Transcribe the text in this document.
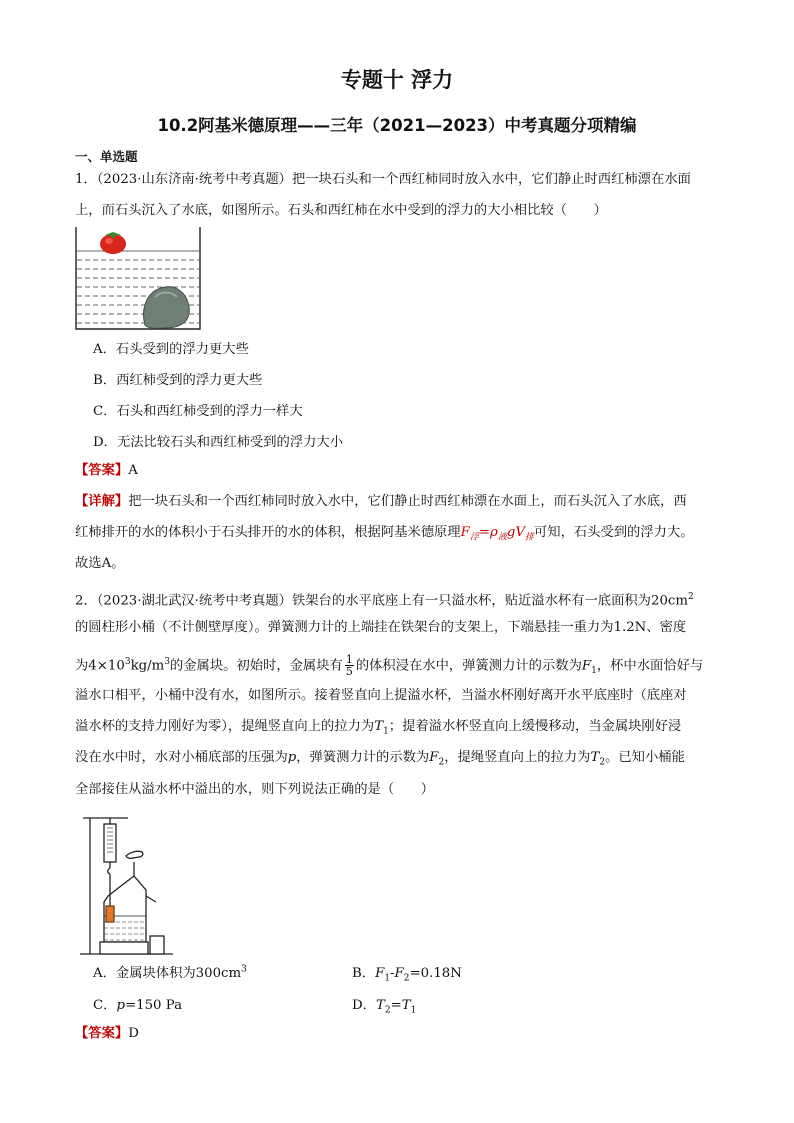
专题十 浮力
10.2阿基米德原理——三年（2021—2023）中考真题分项精编
一、单选题
1．（2023·山东济南·统考中考真题）把一块石头和一个西红柿同时放入水中，它们静止时西红柿漂在水面
上，而石头沉入了水底，如图所示。石头和西红柿在水中受到的浮力的大小相比较（　　）
A．石头受到的浮力更大些
B．西红柿受到的浮力更大些
C．石头和西红柿受到的浮力一样大
D．无法比较石头和西红柿受到的浮力大小
【答案】A
【详解】把一块石头和一个西红柿同时放入水中，它们静止时西红柿漂在水面上，而石头沉入了水底，西
红柿排开的水的体积小于石头排开的水的体积，根据阿基米德原理$F_浮=\rho_液gV_排$可知，石头受到的浮力大。
故选A。
2．（2023·湖北武汉·统考中考真题）铁架台的水平底座上有一只溢水杯，贴近溢水杯有一底面积为$20cm^2$
的圆柱形小桶（不计侧壁厚度）。弹簧测力计的上端挂在铁架台的支架上，下端悬挂一重力为1.2N、密度
为$4\times 10^3kg/m^3$的金属块。初始时，金属块有 $\frac{1}{5}$ 的体积浸在水中，弹簧测力计的示数为$F_1$，杯中水面恰好与
溢水口相平，小桶中没有水，如图所示。接着竖直向上提溢水杯，当溢水杯刚好离开水平底座时（底座对
溢水杯的支持力刚好为零），提绳竖直向上的拉力为$T_1$；提着溢水杯竖直向上缓慢移动，当金属块刚好浸
没在水中时，水对小桶底部的压强为p，弹簧测力计的示数为$F_2$，提绳竖直向上的拉力为$T_2$。已知小桶能
全部接住从溢水杯中溢出的水，则下列说法正确的是（　　）
A．金属块体积为$300cm^3$	B．$F_1-F_2=0.18N$
C．p=150 Pa	D．$T_2=T_1$
【答案】D
